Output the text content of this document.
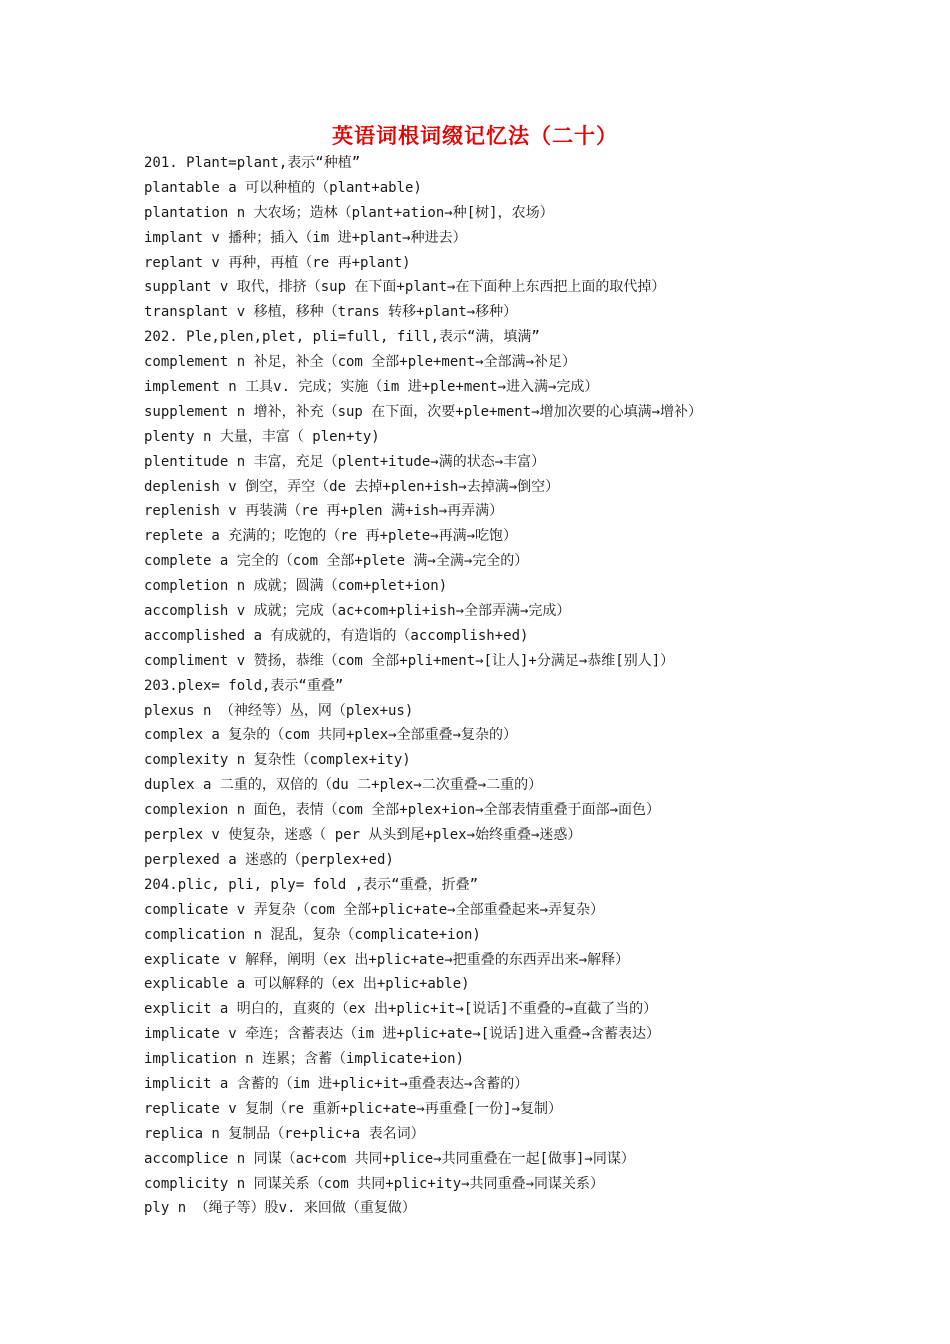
英语词根词缀记忆法（二十）
201. Plant=plant,表示“种植”
plantable a 可以种植的（plant+able)
plantation n 大农场；造林（plant+ation→种[树]，农场）
implant v 播种；插入（im 进+plant→种进去）
replant v 再种，再植（re 再+plant)
supplant v 取代，排挤（sup 在下面+plant→在下面种上东西把上面的取代掉）
transplant v 移植，移种（trans 转移+plant→移种）
202. Ple,plen,plet, pli=full, fill,表示“满，填满”
complement n 补足，补全（com 全部+ple+ment→全部满→补足）
implement n 工具v. 完成；实施（im 进+ple+ment→进入满→完成）
supplement n 增补，补充（sup 在下面，次要+ple+ment→增加次要的心填满→增补）
plenty n 大量，丰富（ plen+ty)
plentitude n 丰富，充足（plent+itude→满的状态→丰富）
deplenish v 倒空，弄空（de 去掉+plen+ish→去掉满→倒空）
replenish v 再装满（re 再+plen 满+ish→再弄满）
replete a 充满的；吃饱的（re 再+plete→再满→吃饱）
complete a 完全的（com 全部+plete 满→全满→完全的）
completion n 成就；圆满（com+plet+ion)
accomplish v 成就；完成（ac+com+pli+ish→全部弄满→完成）
accomplished a 有成就的，有造诣的（accomplish+ed)
compliment v 赞扬，恭维（com 全部+pli+ment→[让人]+分满足→恭维[别人]）
203.plex= fold,表示“重叠”
plexus n （神经等）丛，网（plex+us)
complex a 复杂的（com 共同+plex→全部重叠→复杂的）
complexity n 复杂性（complex+ity)
duplex a 二重的，双倍的（du 二+plex→二次重叠→二重的）
complexion n 面色，表情（com 全部+plex+ion→全部表情重叠于面部→面色）
perplex v 使复杂，迷惑（ per 从头到尾+plex→始终重叠→迷惑）
perplexed a 迷惑的（perplex+ed)
204.plic, pli, ply= fold ,表示“重叠，折叠”
complicate v 弄复杂（com 全部+plic+ate→全部重叠起来→弄复杂）
complication n 混乱，复杂（complicate+ion)
explicate v 解释，阐明（ex 出+plic+ate→把重叠的东西弄出来→解释）
explicable a 可以解释的（ex 出+plic+able)
explicit a 明白的，直爽的（ex 出+plic+it→[说话]不重叠的→直截了当的）
implicate v 牵连；含蓄表达（im 进+plic+ate→[说话]进入重叠→含蓄表达）
implication n 连累；含蓄（implicate+ion)
implicit a 含蓄的（im 进+plic+it→重叠表达→含蓄的）
replicate v 复制（re 重新+plic+ate→再重叠[一份]→复制）
replica n 复制品（re+plic+a 表名词）
accomplice n 同谋（ac+com 共同+plice→共同重叠在一起[做事]→同谋）
complicity n 同谋关系（com 共同+plic+ity→共同重叠→同谋关系）
ply n （绳子等）股v. 来回做（重复做）
